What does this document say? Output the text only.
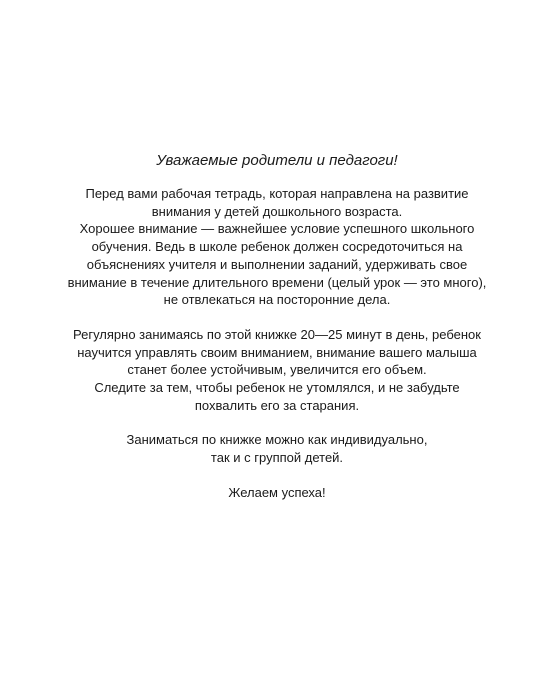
Уважаемые родители и педагоги!
Перед вами рабочая тетрадь, которая направлена на развитие
внимания у детей дошкольного возраста.
Хорошее внимание — важнейшее условие успешного школьного
обучения. Ведь в школе ребенок должен сосредоточиться на
объяснениях учителя и выполнении заданий, удерживать свое
внимание в течение длительного времени (целый урок — это много),
не отвлекаться на посторонние дела.
Регулярно занимаясь по этой книжке 20—25 минут в день, ребенок
научится управлять своим вниманием, внимание вашего малыша
станет более устойчивым, увеличится его объем.
Следите за тем, чтобы ребенок не утомлялся, и не забудьте
похвалить его за старания.
Заниматься по книжке можно как индивидуально,
так и с группой детей.
Желаем успеха!
